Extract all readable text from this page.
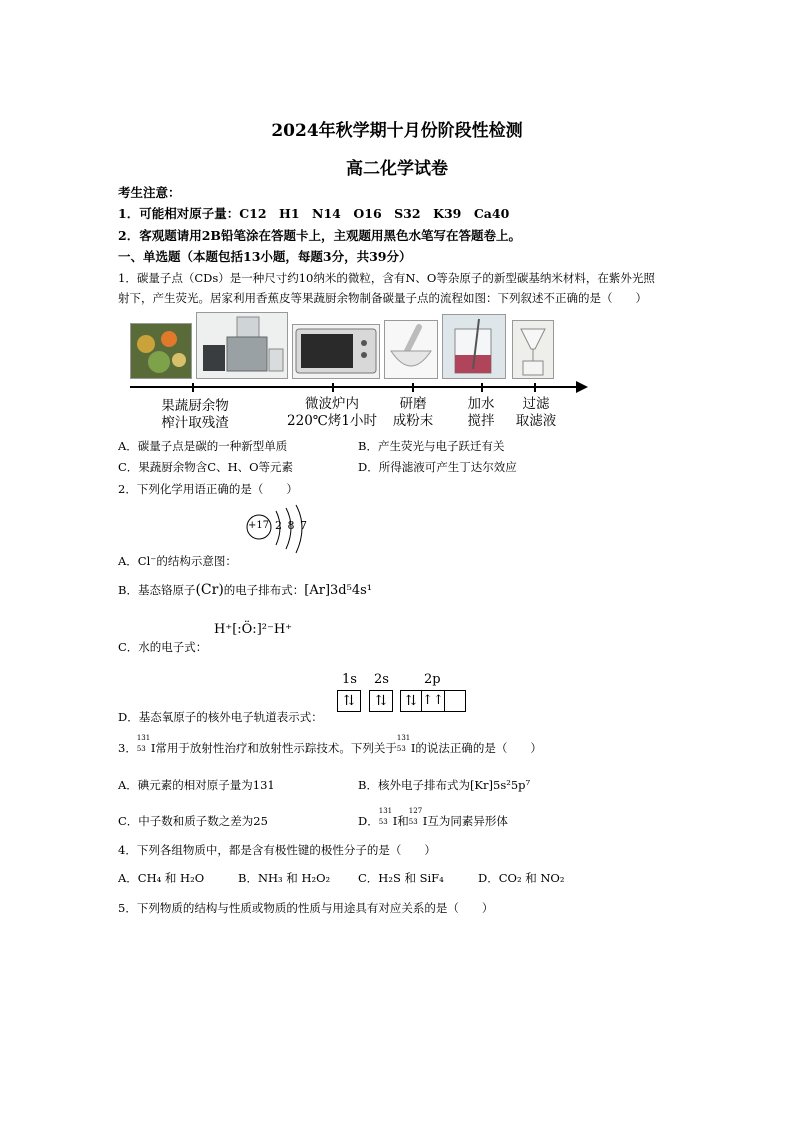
2024年秋学期十月份阶段性检测
高二化学试卷
考生注意：
1．可能相对原子量：C12　H1　N14　O16　S32　K39　Ca40
2．客观题请用2B铅笔涂在答题卡上，主观题用黑色水笔写在答题卷上。
一、单选题（本题包括13小题，每题3分，共39分）
1．碳量子点（CDs）是一种尺寸约10纳米的微粒，含有N、O等杂原子的新型碳基纳米材料，在紫外光照
射下，产生荧光。居家利用香蕉皮等果蔬厨余物制备碳量子点的流程如图：下列叙述不正确的是（　　）
果蔬厨余物
榨汁取残渣
微波炉内
220℃烤1小时
研磨
成粉末
加水
搅拌
过滤
取滤液
A．碳量子点是碳的一种新型单质	B．产生荧光与电子跃迁有关
C．果蔬厨余物含C、H、O等元素	D．所得滤液可产生丁达尔效应
2．下列化学用语正确的是（　　）
+17 2 8 7
A．Cl⁻的结构示意图：
B．基态铬原子(Cr)的电子排布式：[Ar]3d⁵4s¹
H⁺[:Ö:]²⁻H⁺
C．水的电子式：
1s 2s	2p
⇅	⇅	⇅ ↑↑
D．基态氧原子的核外电子轨道表示式：
3．
131
53 I常用于放射性治疗和放射性示踪技术。下列关于
131
53 I的说法正确的是（　　）
A．碘元素的相对原子量为131	B．核外电子排布式为[Kr]5s²5p⁷
C．中子数和质子数之差为25	D．
131
53 I和
127
53 I互为同素异形体
4．下列各组物质中，都是含有极性键的极性分子的是（　　）
A．CH₄ 和 H₂O	B．NH₃ 和 H₂O₂ C．H₂S 和 SiF₄	D．CO₂ 和 NO₂
5．下列物质的结构与性质或物质的性质与用途具有对应关系的是（　　）
